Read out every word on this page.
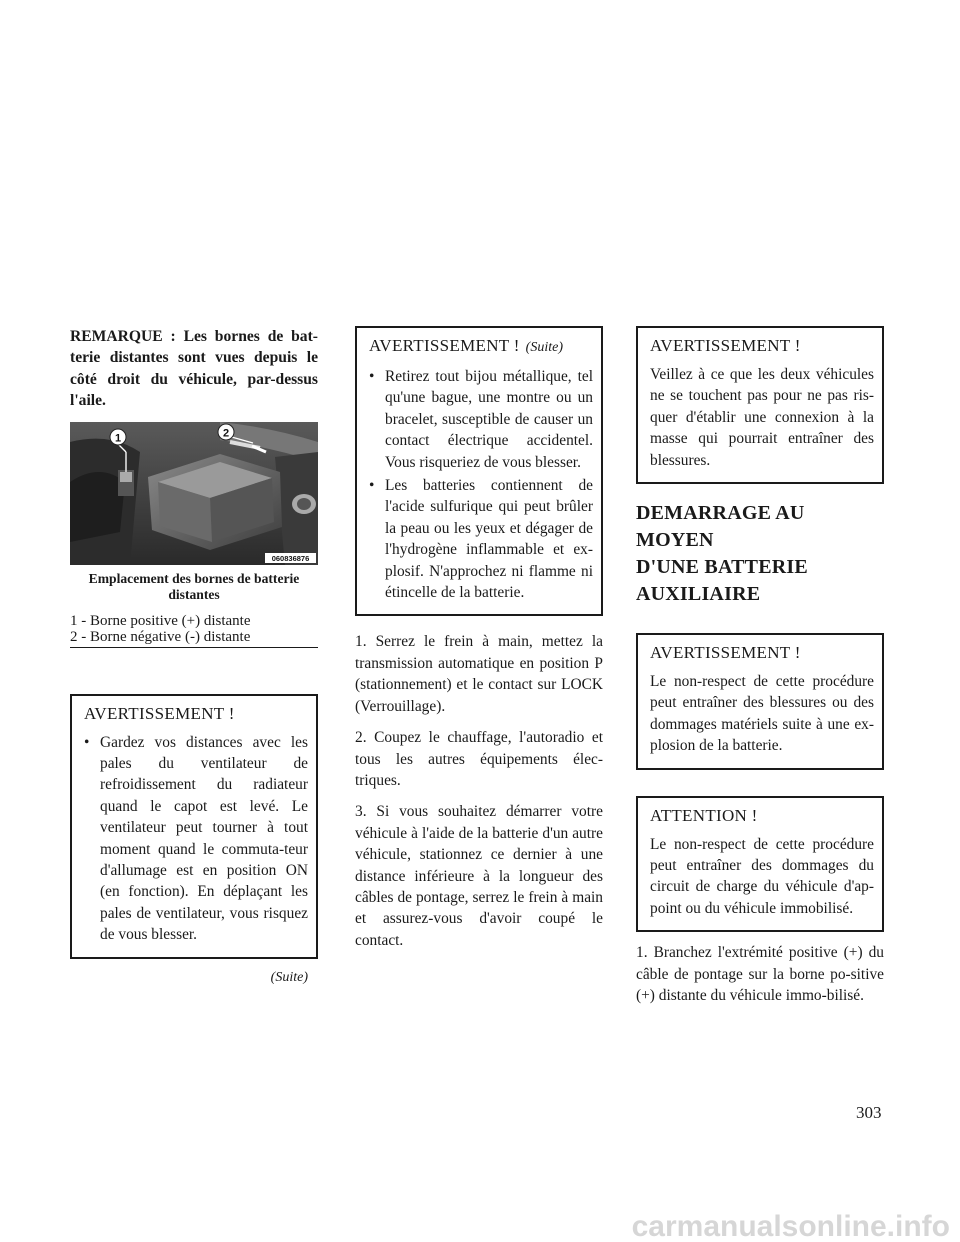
REMARQUE : Les bornes de bat-terie distantes sont vues depuis le côté droit du véhicule, par-dessus l'aile.

1	2
060836876

Emplacement des bornes de batterie distantes

1 - Borne positive (+) distante
2 - Borne négative (-) distante
AVERTISSEMENT !

• Gardez vos distances avec les pales du ventilateur de refroidissement du radiateur quand le capot est levé. Le ventilateur peut tourner à tout moment quand le commuta-teur d'allumage est en position ON (en fonction). En déplaçant les pales de ventilateur, vous risquez de vous blesser.

(Suite)

AVERTISSEMENT ! (Suite)

• Retirez tout bijou métallique, tel qu'une bague, une montre ou un bracelet, susceptible de causer un contact électrique accidentel. Vous risqueriez de vous blesser.

• Les batteries contiennent de l'acide sulfurique qui peut brûler la peau ou les yeux et dégager de l'hydrogène inflammable et ex-plosif. N'approchez ni flamme ni étincelle de la batterie.

1. Serrez le frein à main, mettez la transmission automatique en position P (stationnement) et le contact sur LOCK (Verrouillage).

2. Coupez le chauffage, l'autoradio et tous les autres équipements élec-triques.

3. Si vous souhaitez démarrer votre véhicule à l'aide de la batterie d'un autre véhicule, stationnez ce dernier à une distance inférieure à la longueur des câbles de pontage, serrez le frein à main et assurez-vous d'avoir coupé le contact.

AVERTISSEMENT !

Veillez à ce que les deux véhicules ne se touchent pas pour ne pas ris-quer d'établir une connexion à la masse qui pourrait entraîner des blessures.

DEMARRAGE AU MOYEN
D'UNE BATTERIE
AUXILIAIRE
AVERTISSEMENT !

Le non-respect de cette procédure peut entraîner des blessures ou des dommages matériels suite à une ex-plosion de la batterie.

ATTENTION !

Le non-respect de cette procédure peut entraîner des dommages du circuit de charge du véhicule d'ap-point ou du véhicule immobilisé.

1. Branchez l'extrémité positive (+) du câble de pontage sur la borne po-sitive (+) distante du véhicule immo-bilisé.

303
carmanualsonline.info
